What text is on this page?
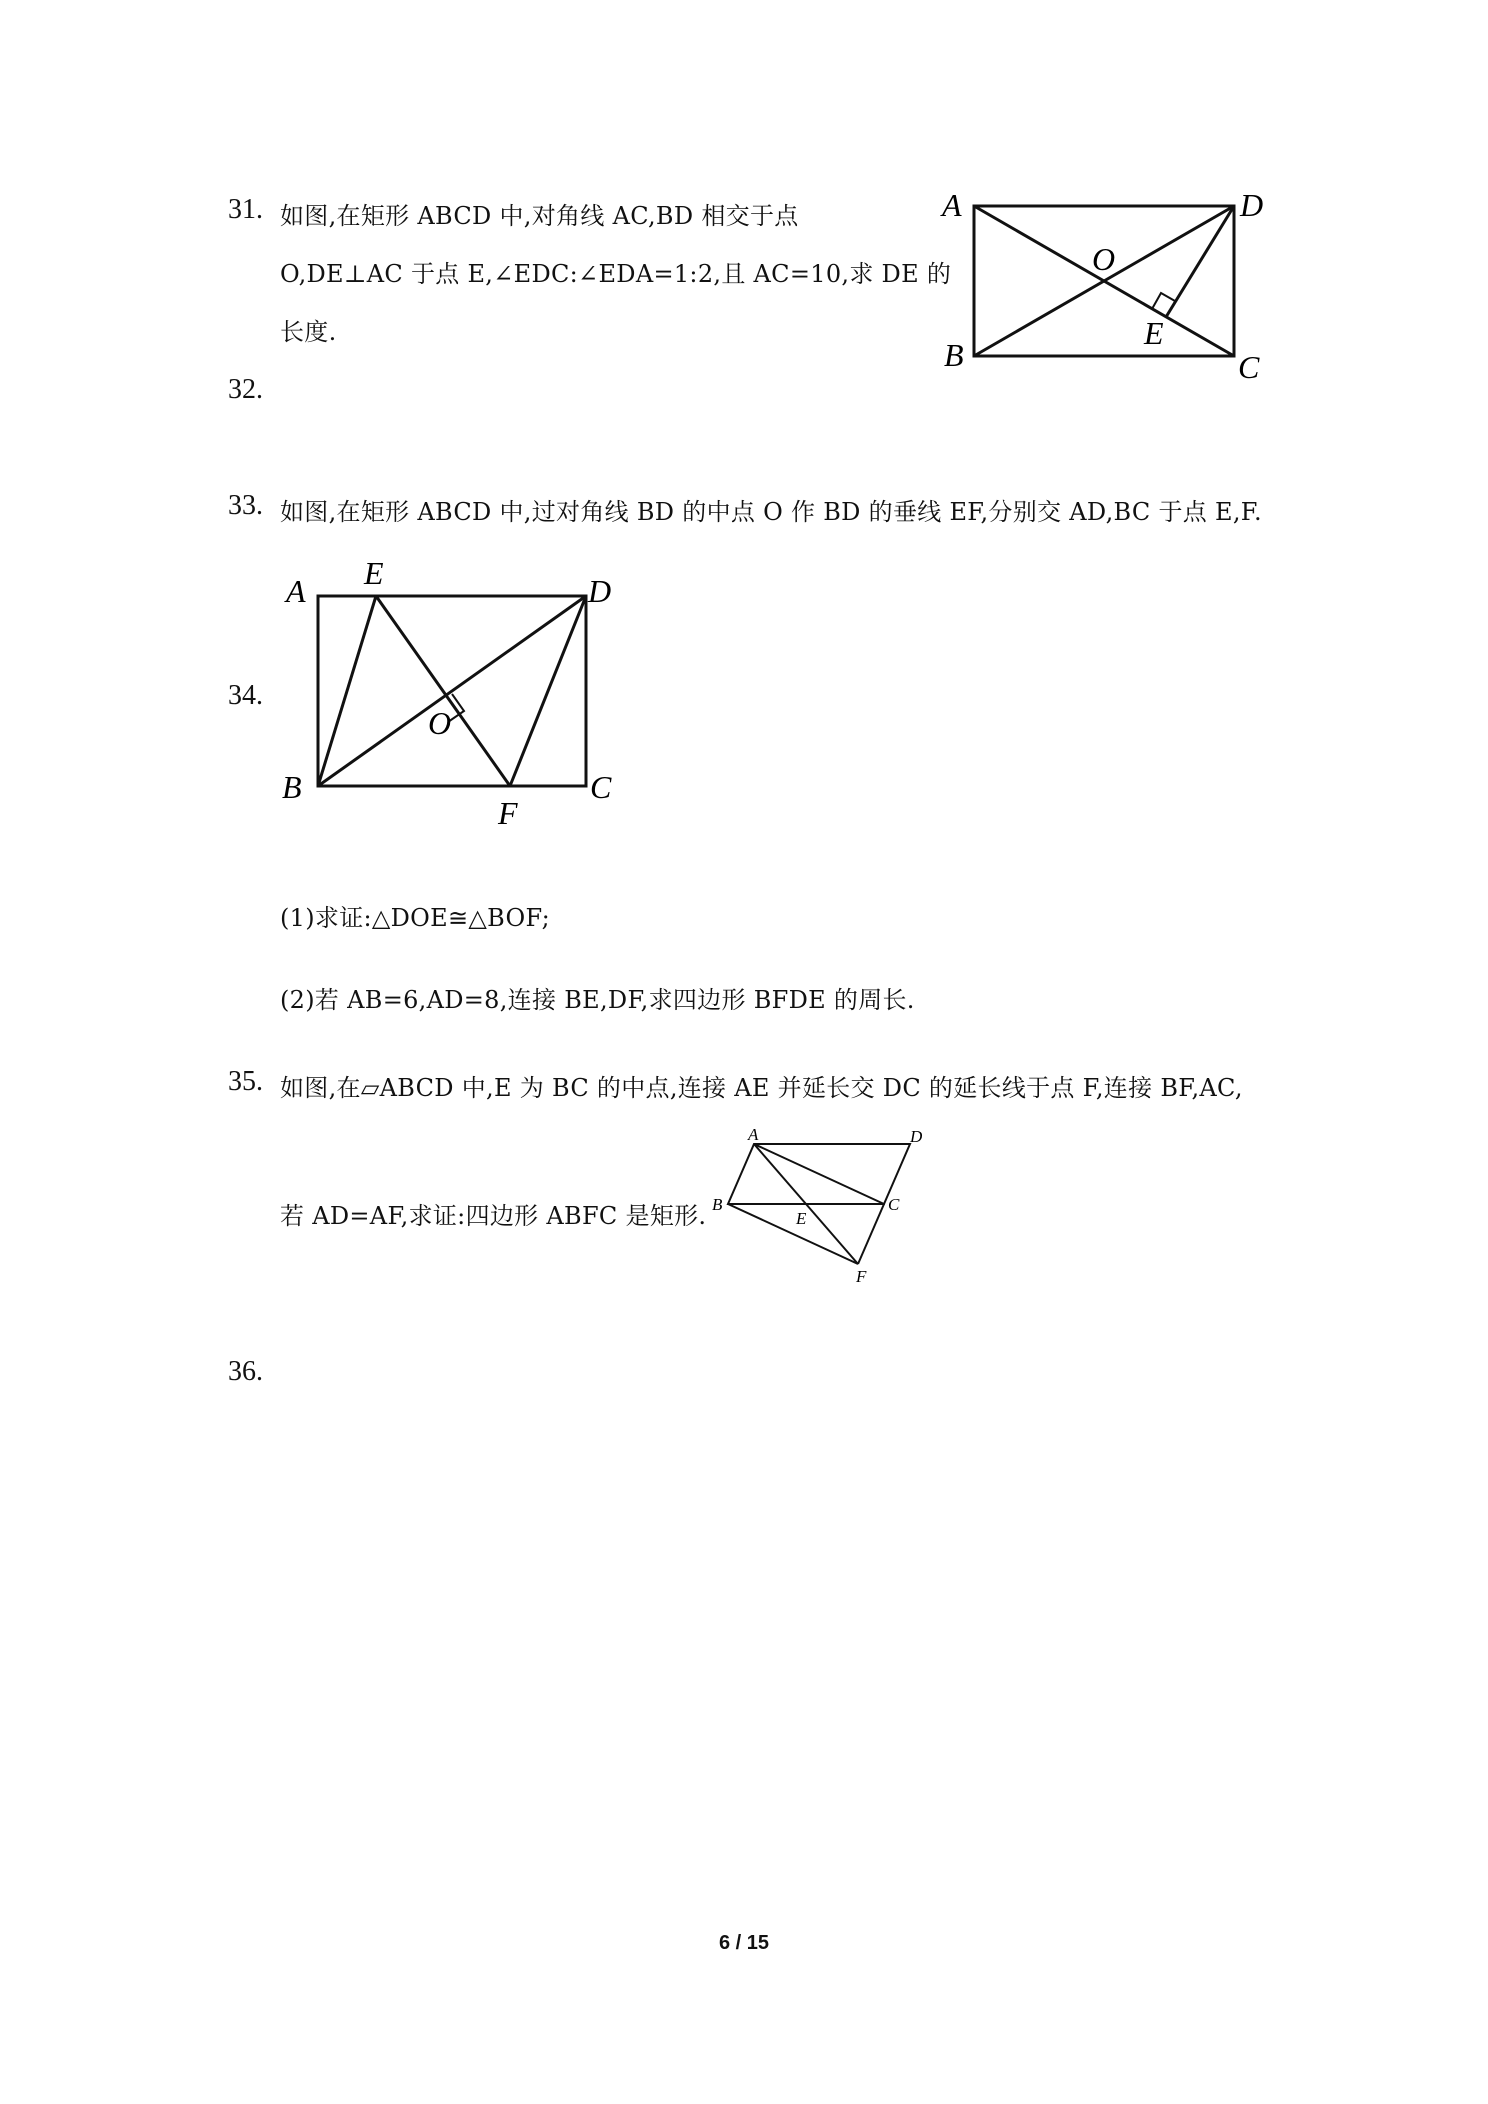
31. 如图,在矩形 ABCD 中,对角线 AC,BD 相交于点
O,DE⊥AC 于点 E,∠EDC:∠EDA=1:2,且 AC=10,求 DE 的
长度.
A	D
B	C
O
E
32.
33. 如图,在矩形 ABCD 中,过对角线 BD 的中点 O 作 BD 的垂线 EF,分别交 AD,BC 于点 E,F.
34.
A E	D
O
B
F
C
(1)求证:△DOE≅△BOF;
(2)若 AB=6,AD=8,连接 BE,DF,求四边形 BFDE 的周长.
35. 如图,在▱ABCD 中,E 为 BC 的中点,连接 AE 并延长交 DC 的延长线于点 F,连接 BF,AC,
若 AD=AF,求证:四边形 ABFC 是矩形.
A	D
B	C
E
F
36.
6 / 15
